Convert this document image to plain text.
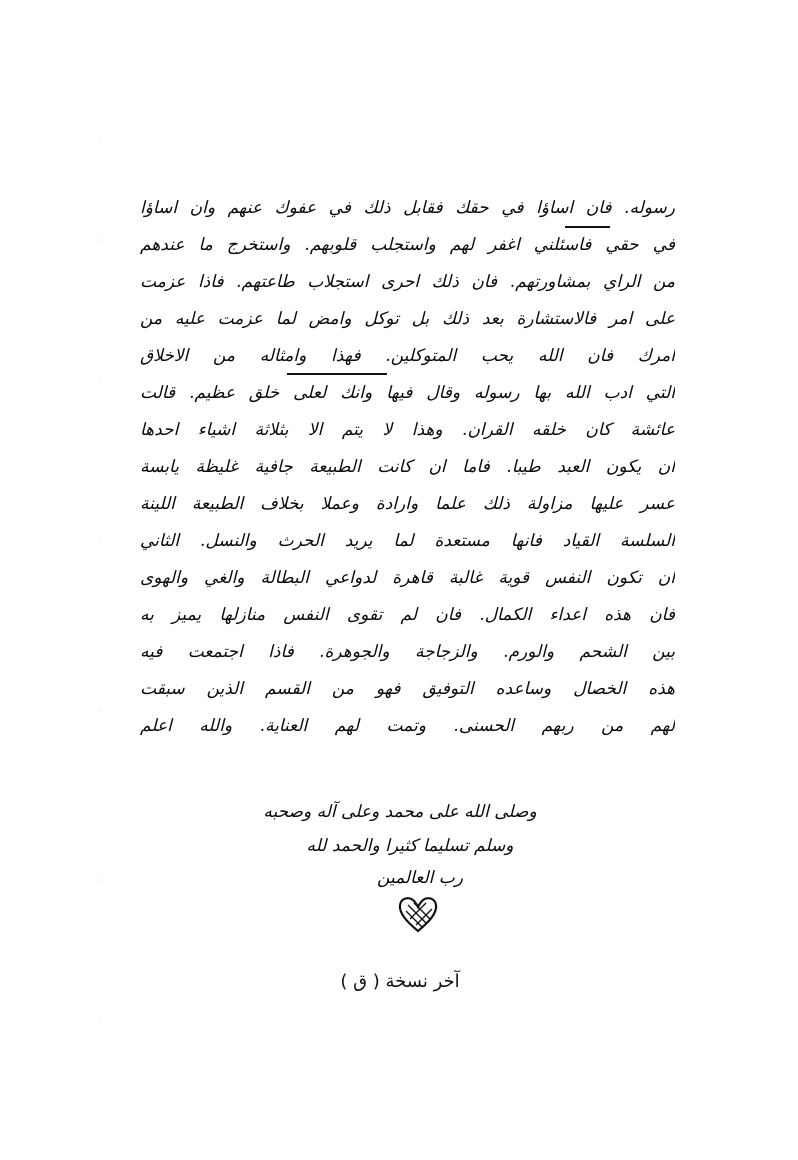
رسوله. فان اساؤا في حقك فقابل ذلك في عفوك عنهم وان اساؤا
في حقي فاسئلني اغفر لهم واستجلب قلوبهم. واستخرج ما عندهم
من الراي بمشاورتهم. فان ذلك احرى استجلاب طاعتهم. فاذا عزمت
على امر فالاستشارة بعد ذلك بل توكل وامض لما عزمت عليه من
امرك فان الله يحب المتوكلين. فهذا وامثاله من الاخلاق
التي ادب الله بها رسوله وقال فيها وانك لعلى خلق عظيم. قالت
عائشة كان خلقه القران. وهذا لا يتم الا بثلاثة اشياء احدها
ان يكون العبد طيبا. فاما ان كانت الطبيعة جافية غليظة يابسة
عسر عليها مزاولة ذلك علما وارادة وعملا بخلاف الطبيعة اللينة
السلسة القياد فانها مستعدة لما يريد الحرث والنسل. الثاني
ان تكون النفس قوية غالبة قاهرة لدواعي البطالة والغي والهوى
فان هذه اعداء الكمال. فان لم تقوى النفس منازلها يميز به
بين الشحم والورم. والزجاجة والجوهرة. فاذا اجتمعت فيه
هذه الخصال وساعده التوفيق فهو من القسم الذين سبقت
لهم من ربهم الحسنى. وتمت لهم العناية. والله اعلم
وصلى الله على محمد وعلى آله وصحبه
وسلم تسليما كثيرا والحمد لله
رب العالمين
آخر نسخة ( ق )
